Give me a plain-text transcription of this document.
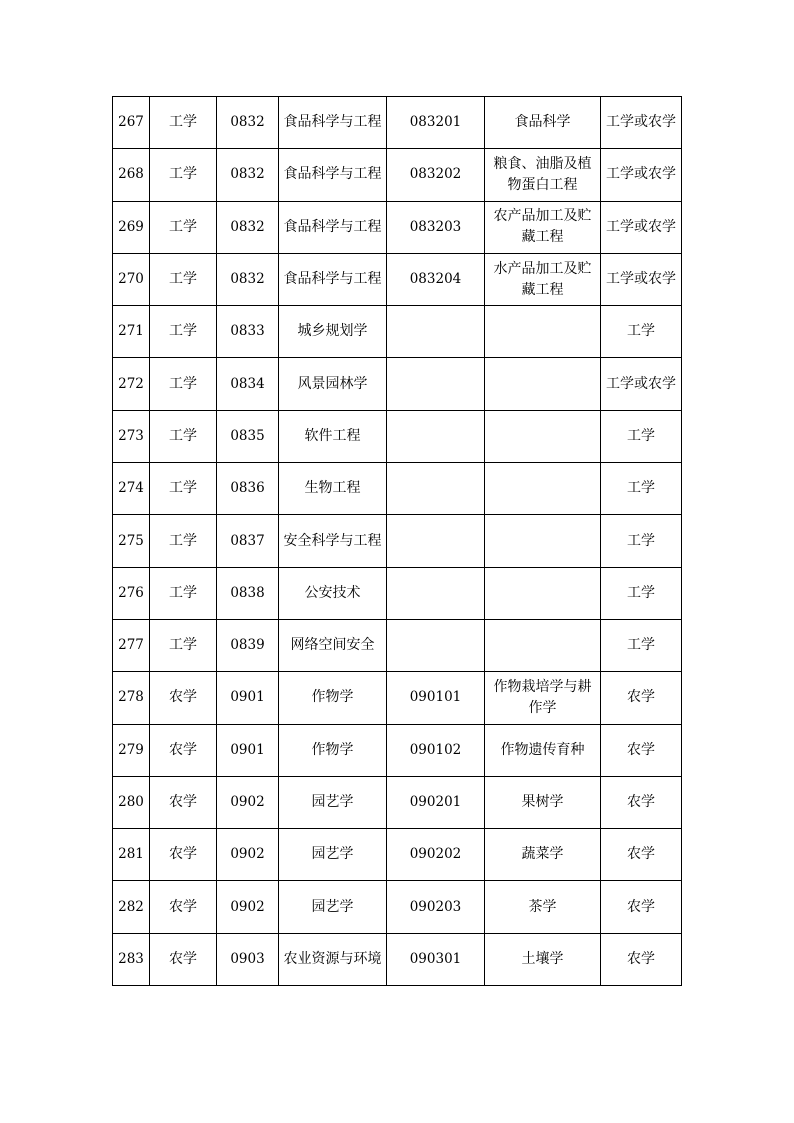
267	工学	0832	食品科学与工程	083201	食品科学	工学或农学
268	工学	0832	食品科学与工程	083202	粮食、油脂及植物蛋白工程	工学或农学
269	工学	0832	食品科学与工程	083203	农产品加工及贮藏工程	工学或农学
270	工学	0832	食品科学与工程	083204	水产品加工及贮藏工程	工学或农学
271	工学	0833	城乡规划学			工学
272	工学	0834	风景园林学			工学或农学
273	工学	0835	软件工程			工学
274	工学	0836	生物工程			工学
275	工学	0837	安全科学与工程			工学
276	工学	0838	公安技术			工学
277	工学	0839	网络空间安全			工学
278	农学	0901	作物学	090101	作物栽培学与耕作学	农学
279	农学	0901	作物学	090102	作物遗传育种	农学
280	农学	0902	园艺学	090201	果树学	农学
281	农学	0902	园艺学	090202	蔬菜学	农学
282	农学	0902	园艺学	090203	茶学	农学
283	农学	0903	农业资源与环境	090301	土壤学	农学
